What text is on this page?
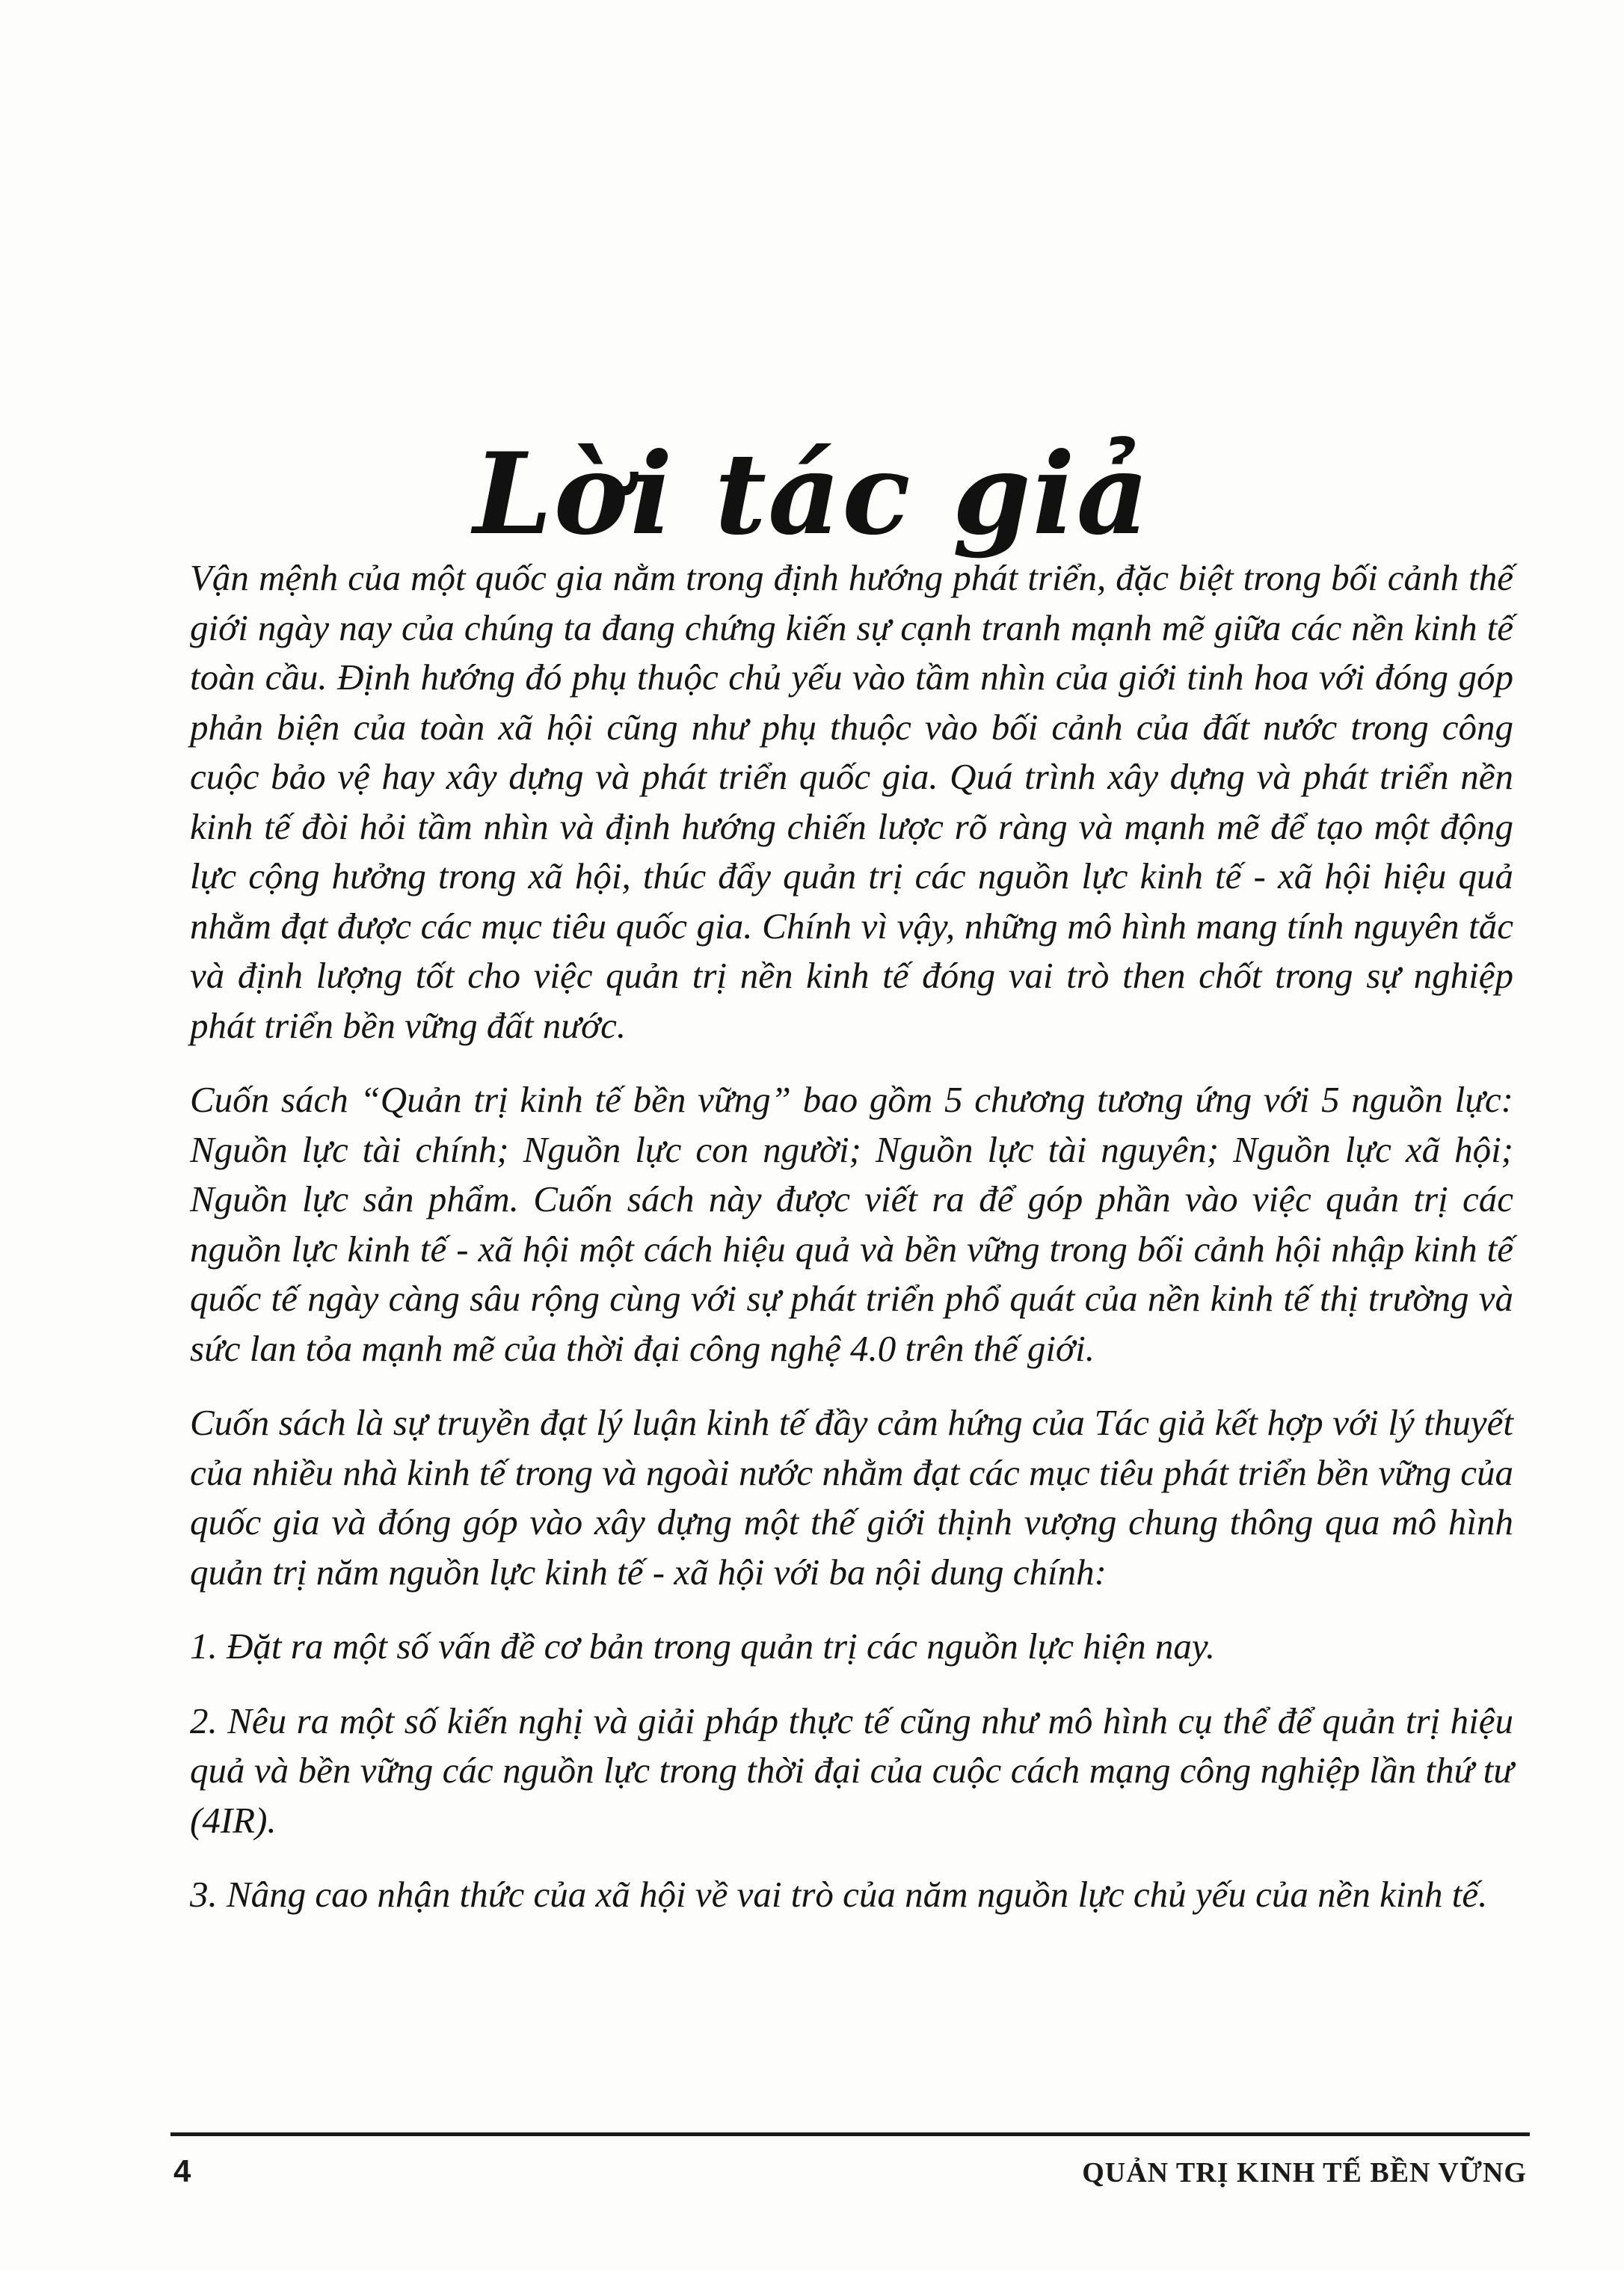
Lời tác giả

Vận mệnh của một quốc gia nằm trong định hướng phát triển, đặc biệt trong bối cảnh thế giới ngày nay của chúng ta đang chứng kiến sự cạnh tranh mạnh mẽ giữa các nền kinh tế toàn cầu. Định hướng đó phụ thuộc chủ yếu vào tầm nhìn của giới tinh hoa với đóng góp phản biện của toàn xã hội cũng như phụ thuộc vào bối cảnh của đất nước trong công cuộc bảo vệ hay xây dựng và phát triển quốc gia. Quá trình xây dựng và phát triển nền kinh tế đòi hỏi tầm nhìn và định hướng chiến lược rõ ràng và mạnh mẽ để tạo một động lực cộng hưởng trong xã hội, thúc đẩy quản trị các nguồn lực kinh tế - xã hội hiệu quả nhằm đạt được các mục tiêu quốc gia. Chính vì vậy, những mô hình mang tính nguyên tắc và định lượng tốt cho việc quản trị nền kinh tế đóng vai trò then chốt trong sự nghiệp phát triển bền vững đất nước.

Cuốn sách “Quản trị kinh tế bền vững” bao gồm 5 chương tương ứng với 5 nguồn lực: Nguồn lực tài chính; Nguồn lực con người; Nguồn lực tài nguyên; Nguồn lực xã hội; Nguồn lực sản phẩm. Cuốn sách này được viết ra để góp phần vào việc quản trị các nguồn lực kinh tế - xã hội một cách hiệu quả và bền vững trong bối cảnh hội nhập kinh tế quốc tế ngày càng sâu rộng cùng với sự phát triển phổ quát của nền kinh tế thị trường và sức lan tỏa mạnh mẽ của thời đại công nghệ 4.0 trên thế giới.

Cuốn sách là sự truyền đạt lý luận kinh tế đầy cảm hứng của Tác giả kết hợp với lý thuyết của nhiều nhà kinh tế trong và ngoài nước nhằm đạt các mục tiêu phát triển bền vững của quốc gia và đóng góp vào xây dựng một thế giới thịnh vượng chung thông qua mô hình quản trị năm nguồn lực kinh tế - xã hội với ba nội dung chính:

1. Đặt ra một số vấn đề cơ bản trong quản trị các nguồn lực hiện nay.

2. Nêu ra một số kiến nghị và giải pháp thực tế cũng như mô hình cụ thể để quản trị hiệu quả và bền vững các nguồn lực trong thời đại của cuộc cách mạng công nghiệp lần thứ tư (4IR).

3. Nâng cao nhận thức của xã hội về vai trò của năm nguồn lực chủ yếu của nền kinh tế.

4	QUẢN TRỊ KINH TẾ BỀN VỮNG
